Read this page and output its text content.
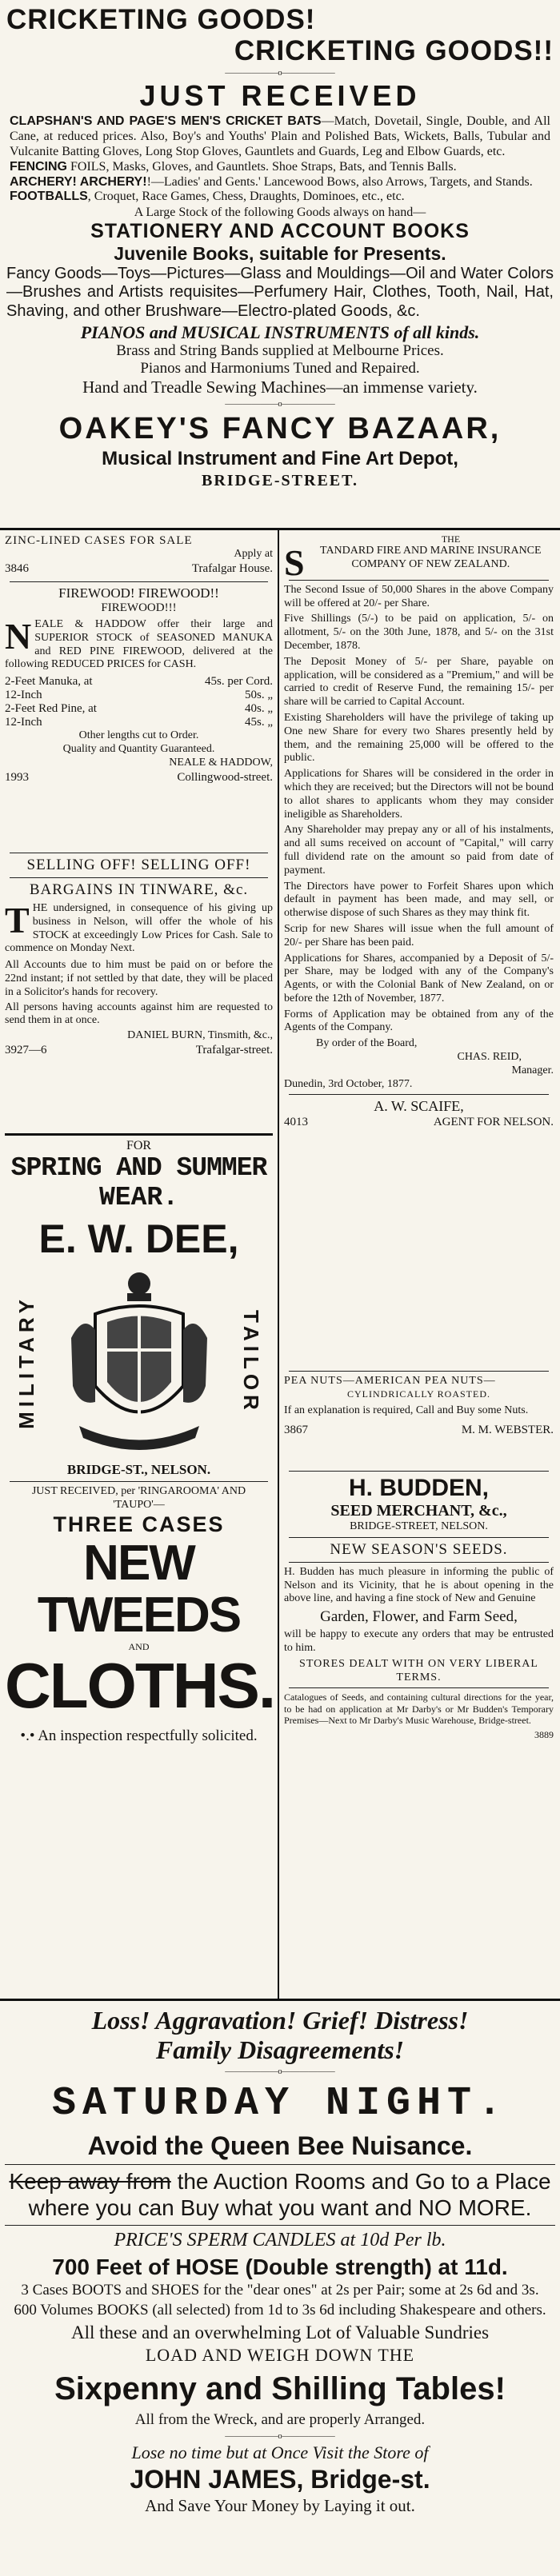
CRICKETING GOODS!
CRICKETING GOODS!!
——————o——————
JUST RECEIVED

CLAPSHAN'S AND PAGE'S MEN'S CRICKET BATS—Match, Dovetail, Single, Double, and All Cane, at reduced prices. Also, Boy's and Youths' Plain and Polished Bats, Wickets, Balls, Tubular and Vulcanite Batting Gloves, Long Stop Gloves, Gauntlets and Guards, Leg and Elbow Guards, etc.

FENCING FOILS, Masks, Gloves, and Gauntlets. Shoe Straps, Bats, and Tennis Balls.

ARCHERY! ARCHERY!!—Ladies' and Gents.' Lancewood Bows, also Arrows, Targets, and Stands.

FOOTBALLS, Croquet, Race Games, Chess, Draughts, Dominoes, etc., etc.

A Large Stock of the following Goods always on hand—
STATIONERY AND ACCOUNT BOOKS
Juvenile Books, suitable for Presents.

Fancy Goods—Toys—Pictures—Glass and Mouldings—Oil and Water Colors—Brushes and Artists requisites—Perfumery Hair, Clothes, Tooth, Nail, Hat, Shaving, and other Brushware—Electro-plated Goods, &c.

PIANOS and MUSICAL INSTRUMENTS of all kinds.
Brass and String Bands supplied at Melbourne Prices.
Pianos and Harmoniums Tuned and Repaired.
Hand and Treadle Sewing Machines—an immense variety.
——————o——————
OAKEY'S FANCY BAZAAR,
Musical Instrument and Fine Art Depot,
BRIDGE-STREET.
ZINC-LINED CASES FOR SALE
Apply at
3846	Trafalgar House.
FIREWOOD! FIREWOOD!!
FIREWOOD!!!

NEALE & HADDOW offer their large and SUPERIOR STOCK of SEASONED MANUKA and RED PINE FIREWOOD, delivered at the following REDUCED PRICES for CASH.

2-Feet Manuka, at	45s. per Cord.
12-Inch	50s. „
2-Feet Red Pine, at	40s. „
12-Inch	45s. „
Other lengths cut to Order.
Quality and Quantity Guaranteed.
NEALE & HADDOW,
1993	Collingwood-street.
SELLING OFF! SELLING OFF!
BARGAINS IN TINWARE, &c.

THE undersigned, in consequence of his giving up business in Nelson, will offer the whole of his STOCK at exceedingly Low Prices for Cash. Sale to commence on Monday Next.

All Accounts due to him must be paid on or before the 22nd instant; if not settled by that date, they will be placed in a Solicitor's hands for recovery.

All persons having accounts against him are requested to send them in at once.

DANIEL BURN, Tinsmith, &c.,
3927—6	Trafalgar-street.
FOR
SPRING AND SUMMER
WEAR.
E. W. DEE,
MILITARY	TAILOR
BRIDGE-ST., NELSON.
JUST RECEIVED, per 'RINGAROOMA' AND 'TAUPO'—
THREE CASES
NEW TWEEDS
AND
CLOTHS.
•.• An inspection respectfully solicited.
THE
S TANDARD FIRE AND MARINE INSURANCE COMPANY OF NEW ZEALAND.

The Second Issue of 50,000 Shares in the above Company will be offered at 20/- per Share.

Five Shillings (5/-) to be paid on application, 5/- on allotment, 5/- on the 30th June, 1878, and 5/- on the 31st December, 1878.

The Deposit Money of 5/- per Share, payable on application, will be considered as a "Premium," and will be carried to credit of Reserve Fund, the remaining 15/- per share will be carried to Capital Account.

Existing Shareholders will have the privilege of taking up One new Share for every two Shares presently held by them, and the remaining 25,000 will be offered to the public.

Applications for Shares will be considered in the order in which they are received; but the Directors will not be bound to allot shares to applicants whom they may consider ineligible as Shareholders.

Any Shareholder may prepay any or all of his instalments, and all sums received on account of "Capital," will carry full dividend rate on the amount so paid from date of payment.

The Directors have power to Forfeit Shares upon which default in payment has been made, and may sell, or otherwise dispose of such Shares as they may think fit.

Scrip for new Shares will issue when the full amount of 20/- per Share has been paid.

Applications for Shares, accompanied by a Deposit of 5/- per Share, may be lodged with any of the Company's Agents, or with the Colonial Bank of New Zealand, on or before the 12th of November, 1877.

Forms of Application may be obtained from any of the Agents of the Company.

By order of the Board,
CHAS. REID,
Manager.
Dunedin, 3rd October, 1877.
A. W. SCAIFE,
4013	AGENT FOR NELSON.
PEA NUTS—AMERICAN PEA NUTS—
CYLINDRICALLY ROASTED.

If an explanation is required, Call and Buy some Nuts.

3867	M. M. WEBSTER.
H. BUDDEN,
SEED MERCHANT, &c.,
BRIDGE-STREET, NELSON.
NEW SEASON'S SEEDS.

H. Budden has much pleasure in informing the public of Nelson and its Vicinity, that he is about opening in the above line, and having a fine stock of New and Genuine

Garden, Flower, and Farm Seed,

will be happy to execute any orders that may be entrusted to him.

STORES DEALT WITH ON VERY LIBERAL TERMS.

Catalogues of Seeds, and containing cultural directions for the year, to be had on application at Mr Darby's or Mr Budden's Temporary Premises—Next to Mr Darby's Music Warehouse, Bridge-street.

3889

Loss! Aggravation! Grief! Distress!

Family Disagreements!

——————o——————
SATURDAY NIGHT.
Avoid the Queen Bee Nuisance.

Keep away from the Auction Rooms and Go to a Place where you can Buy what you want and NO MORE.

PRICE'S SPERM CANDLES at 10d Per lb.
700 Feet of HOSE (Double strength) at 11d.
3 Cases BOOTS and SHOES for the "dear ones" at 2s per Pair; some at 2s 6d and 3s.
600 Volumes BOOKS (all selected) from 1d to 3s 6d including Shakespeare and others.
All these and an overwhelming Lot of Valuable Sundries
LOAD AND WEIGH DOWN THE
Sixpenny and Shilling Tables!
All from the Wreck, and are properly Arranged.
——————o——————
Lose no time but at Once Visit the Store of
JOHN JAMES, Bridge-st.
And Save Your Money by Laying it out.
